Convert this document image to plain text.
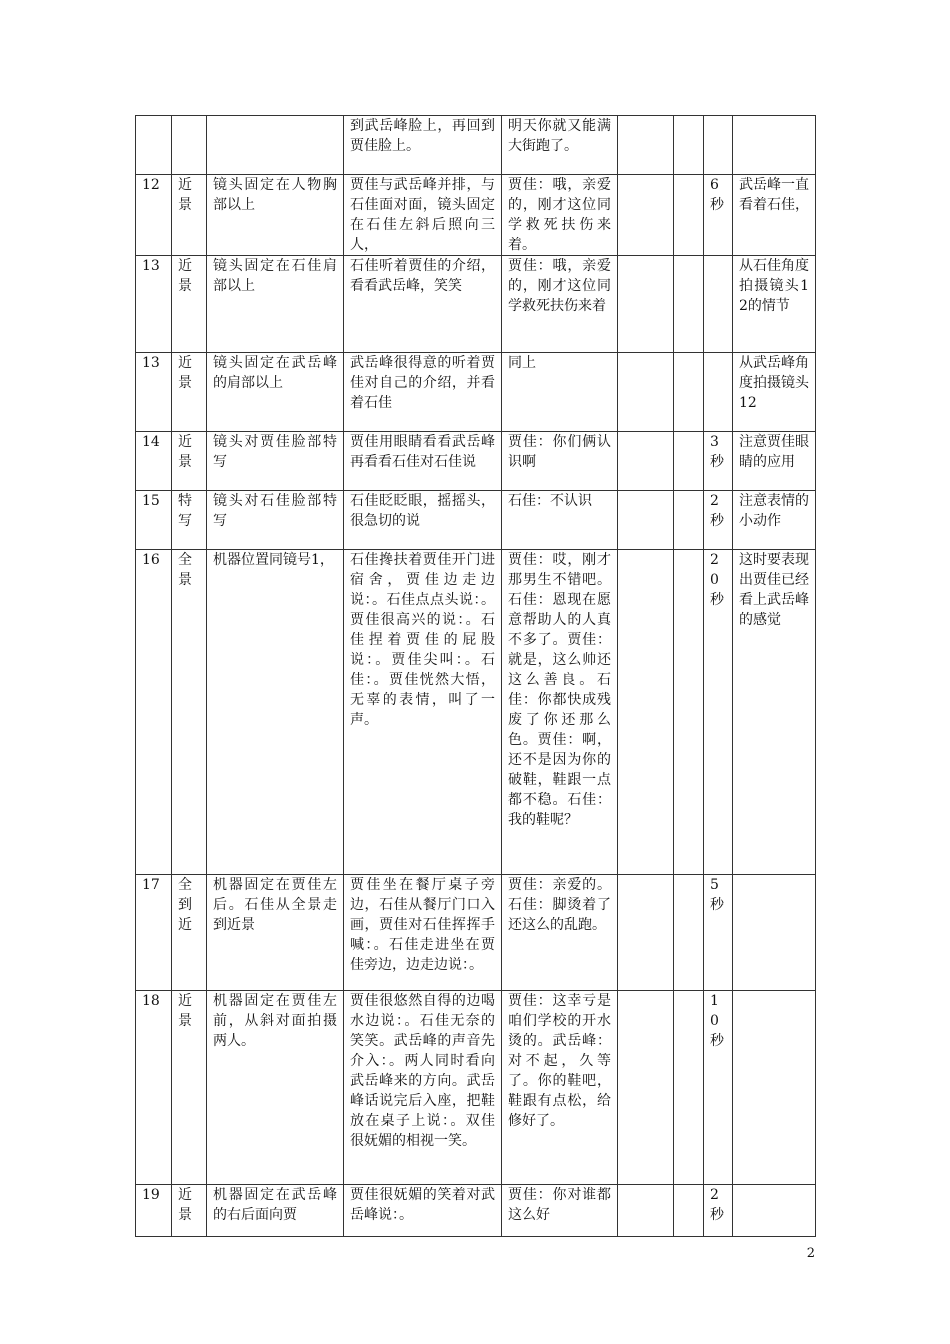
			到武岳峰脸上，再回到贾佳脸上。	明天你就又能满大街跑了。				
12	近景	镜头固定在人物胸部以上	贾佳与武岳峰并排，与石佳面对面，镜头固定在石佳左斜后照向三人，	贾佳：哦，亲爱的，刚才这位同学救死扶伤来着。			6秒	武岳峰一直看着石佳，
13	近景	镜头固定在石佳肩部以上	石佳听着贾佳的介绍，看看武岳峰，笑笑	贾佳：哦，亲爱的，刚才这位同学救死扶伤来着				从石佳角度拍摄镜头12的情节
13	近景	镜头固定在武岳峰的肩部以上	武岳峰很得意的听着贾佳对自己的介绍，并看着石佳	同上				从武岳峰角度拍摄镜头12
14	近景	镜头对贾佳脸部特写	贾佳用眼睛看看武岳峰再看看石佳对石佳说	贾佳：你们俩认识啊			3秒	注意贾佳眼睛的应用
15	特写	镜头对石佳脸部特写	石佳眨眨眼，摇摇头，很急切的说	石佳：不认识			2秒	注意表情的小动作
16	全景	机器位置同镜号1，	石佳搀扶着贾佳开门进宿舍，贾佳边走边说：。石佳点点头说：。贾佳很高兴的说：。石佳捏着贾佳的屁股说：。贾佳尖叫：。石佳：。贾佳恍然大悟，无辜的表情，叫了一声。	贾佳：哎，刚才那男生不错吧。石佳：恩现在愿意帮助人的人真不多了。贾佳：就是，这么帅还这么善良。石佳：你都快成残废了你还那么色。贾佳：啊，还不是因为你的破鞋，鞋跟一点都不稳。石佳：我的鞋呢？			20秒	这时要表现出贾佳已经看上武岳峰的感觉
17	全到近	机器固定在贾佳左后。石佳从全景走到近景	贾佳坐在餐厅桌子旁边，石佳从餐厅门口入画，贾佳对石佳挥挥手喊：。石佳走进坐在贾佳旁边，边走边说：。	贾佳：亲爱的。石佳：脚烫着了还这么的乱跑。			5秒	
18	近景	机器固定在贾佳左前，从斜对面拍摄两人。	贾佳很悠然自得的边喝水边说：。石佳无奈的笑笑。武岳峰的声音先介入：。两人同时看向武岳峰来的方向。武岳峰话说完后入座，把鞋放在桌子上说：。双佳很妩媚的相视一笑。	贾佳：这幸亏是咱们学校的开水烫的。武岳峰：对不起，久等了。你的鞋吧，鞋跟有点松，给修好了。			10秒	
19	近景	机器固定在武岳峰的右后面向贾	贾佳很妩媚的笑着对武岳峰说：。	贾佳：你对谁都这么好			2秒	
2
